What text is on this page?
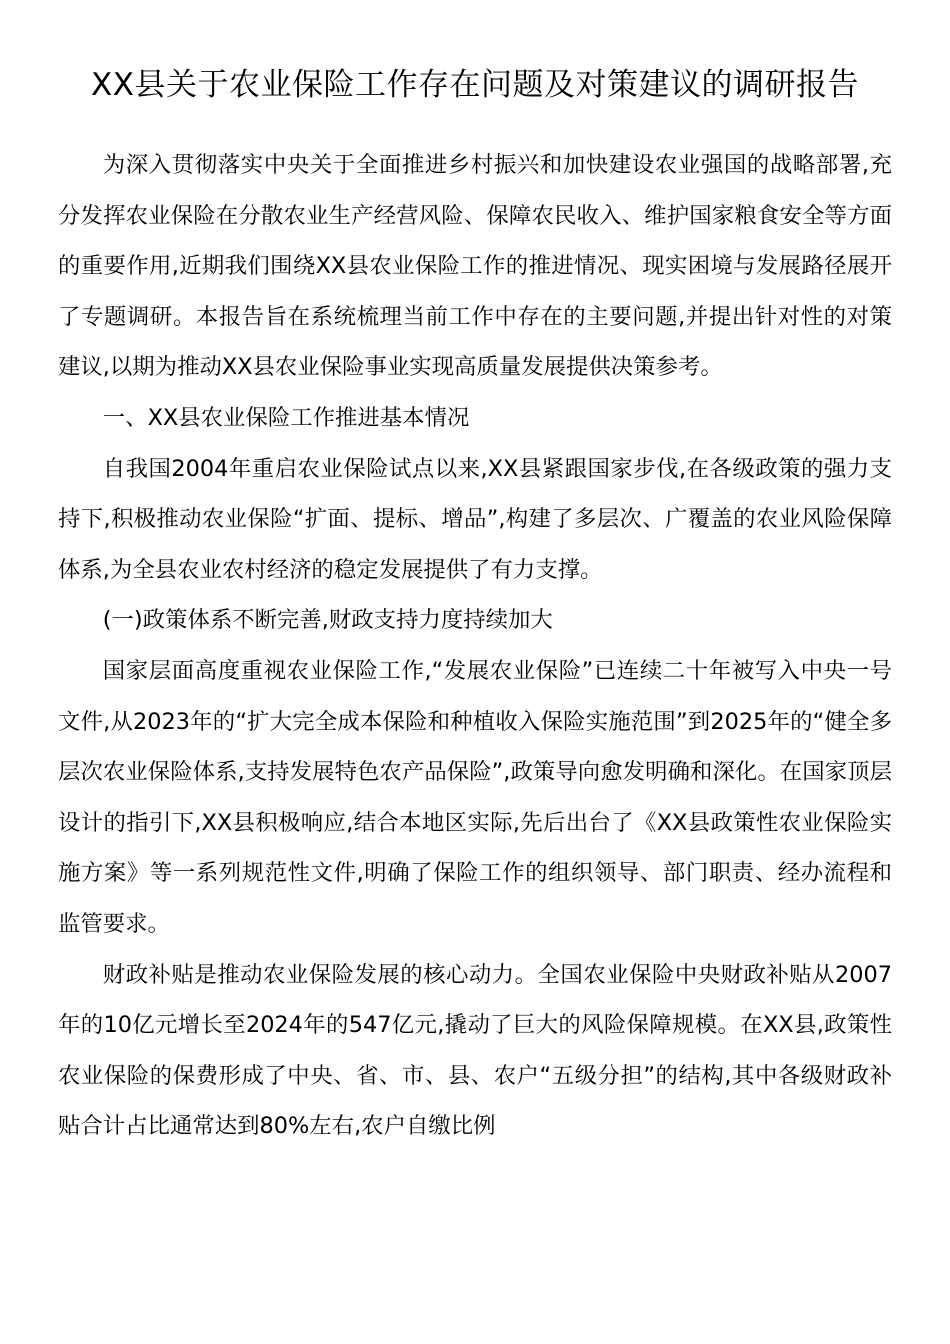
XX县关于农业保险工作存在问题及对策建议的调研报告

为深入贯彻落实中央关于全面推进乡村振兴和加快建设农业强国的战略部署,充分发挥农业保险在分散农业生产经营风险、保障农民收入、维护国家粮食安全等方面的重要作用,近期我们围绕XX县农业保险工作的推进情况、现实困境与发展路径展开了专题调研。本报告旨在系统梳理当前工作中存在的主要问题,并提出针对性的对策建议,以期为推动XX县农业保险事业实现高质量发展提供决策参考。

一、XX县农业保险工作推进基本情况

自我国2004年重启农业保险试点以来,XX县紧跟国家步伐,在各级政策的强力支持下,积极推动农业保险“扩面、提标、增品”,构建了多层次、广覆盖的农业风险保障体系,为全县农业农村经济的稳定发展提供了有力支撑。

(一)政策体系不断完善,财政支持力度持续加大

国家层面高度重视农业保险工作,“发展农业保险”已连续二十年被写入中央一号文件,从2023年的“扩大完全成本保险和种植收入保险实施范围”到2025年的“健全多层次农业保险体系,支持发展特色农产品保险”,政策导向愈发明确和深化。在国家顶层设计的指引下,XX县积极响应,结合本地区实际,先后出台了《XX县政策性农业保险实施方案》等一系列规范性文件,明确了保险工作的组织领导、部门职责、经办流程和监管要求。

财政补贴是推动农业保险发展的核心动力。全国农业保险中央财政补贴从2007年的10亿元增长至2024年的547亿元,撬动了巨大的风险保障规模。在XX县,政策性农业保险的保费形成了中央、省、市、县、农户“五级分担”的结构,其中各级财政补贴合计占比通常达到80%左右,农户自缴比例
